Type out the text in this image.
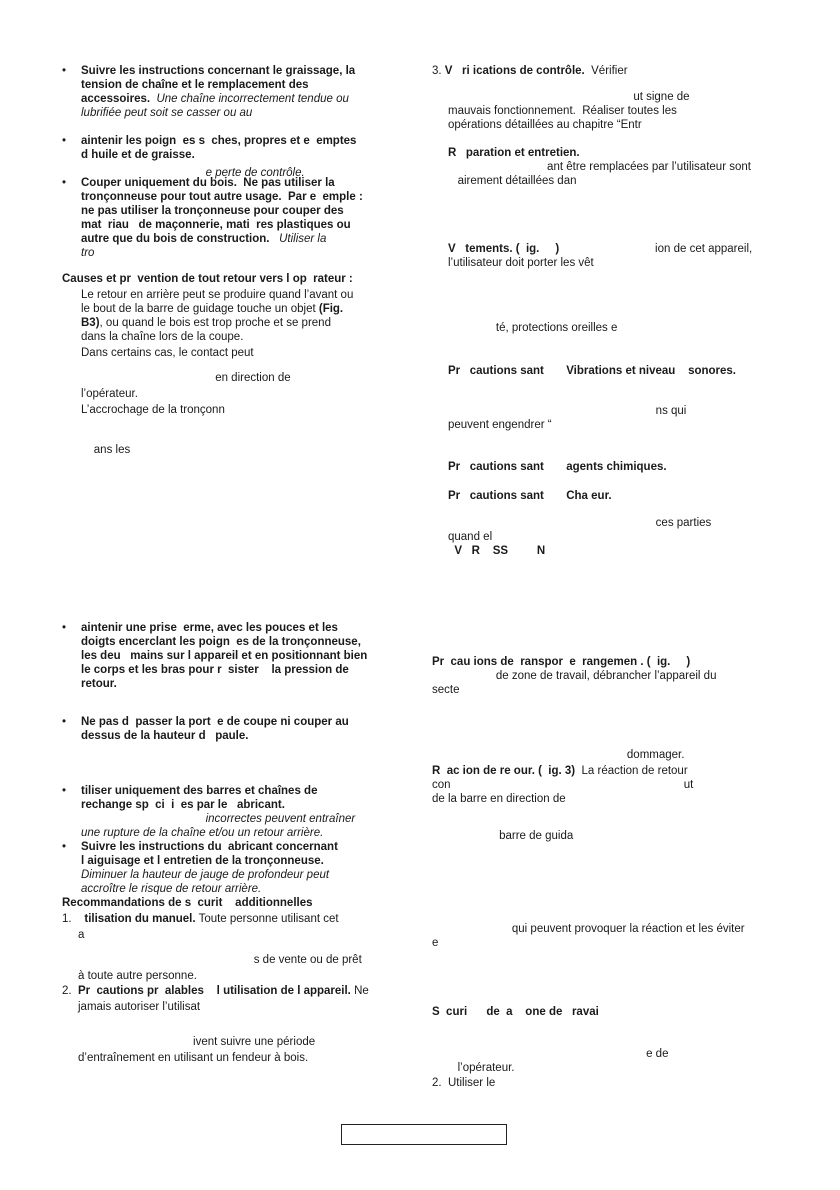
• Suivre les instructions concernant le graissage, la
tension de chaîne et le remplacement des
accessoires. Une chaîne incorrectement tendue ou
lubrifiée peut soit se casser ou au
• aintenir les poign  es s  ches, propres et e  emptes
d huile et de graisse.
e perte de contrôle.
• Couper uniquement du bois.  Ne pas utiliser la
tronçonneuse pour tout autre usage.  Par e  emple :
ne pas utiliser la tronçonneuse pour couper des
mat  riau   de maçonnerie, mati  res plastiques ou
autre que du bois de construction. Utiliser la
tro
Causes et pr  vention de tout retour vers l op  rateur :
Le retour en arrière peut se produire quand l’avant ou
le bout de la barre de guidage touche un objet (Fig.
B3), ou quand le bois est trop proche et se prend
dans la chaîne lors de la coupe.
Dans certains cas, le contact peut
en direction de
l’opérateur.
L’accrochage de la tronçonn
ans les
• aintenir une prise  erme, avec les pouces et les
doigts encerclant les poign  es de la tronçonneuse,
les deu   mains sur l appareil et en positionnant bien
le corps et les bras pour r  sister    la pression de
retour.
• Ne pas d  passer la port  e de coupe ni couper au
dessus de la hauteur d   paule.
• tiliser uniquement des barres et chaînes de
rechange sp  ci  i  es par le   abricant.
incorrectes peuvent entraîner
une rupture de la chaîne et/ou un retour arrière.
• Suivre les instructions du  abricant concernant
l aiguisage et l entretien de la tronçonneuse.
Diminuer la hauteur de jauge de profondeur peut
accroître le risque de retour arrière.
Recommandations de s  curit    additionnelles
1. tilisation du manuel. Toute personne utilisant cet
a
s de vente ou de prêt
à toute autre personne.
2. Pr  cautions pr  alables    l utilisation de l appareil. Ne
jamais autoriser l’utilisat
ivent suivre une période
d’entraînement en utilisant un fendeur à bois.
3. V   ri ications de contrôle.  Vérifier
ut signe de
mauvais fonctionnement.  Réaliser toutes les
opérations détaillées au chapitre “Entr
R   paration et entretien.
ant être remplacées par l’utilisateur sont
airement détaillées dan
V   tements. (  ig.     )                              ion de cet appareil,
l’utilisateur doit porter les vêt
té, protections oreilles e
Pr   cautions sant       Vibrations et niveau    sonores.
ns qui
peuvent engendrer “
Pr   cautions sant       agents chimiques.
Pr   cautions sant       Cha eur.
ces parties
quand el
V   R    SS         N
Pr  cau ions de  ranspor  e  rangemen . (  ig.     )
de zone de travail, débrancher l’appareil du
secte
dommager.
R  ac ion de re our. (  ig. 3)  La réaction de retour
con                                                                         ut
de la barre en direction de
barre de guida
qui peuvent provoquer la réaction et les éviter
e
S  curi      de  a    one de   ravai
e de
l’opérateur.
2. Utiliser le
